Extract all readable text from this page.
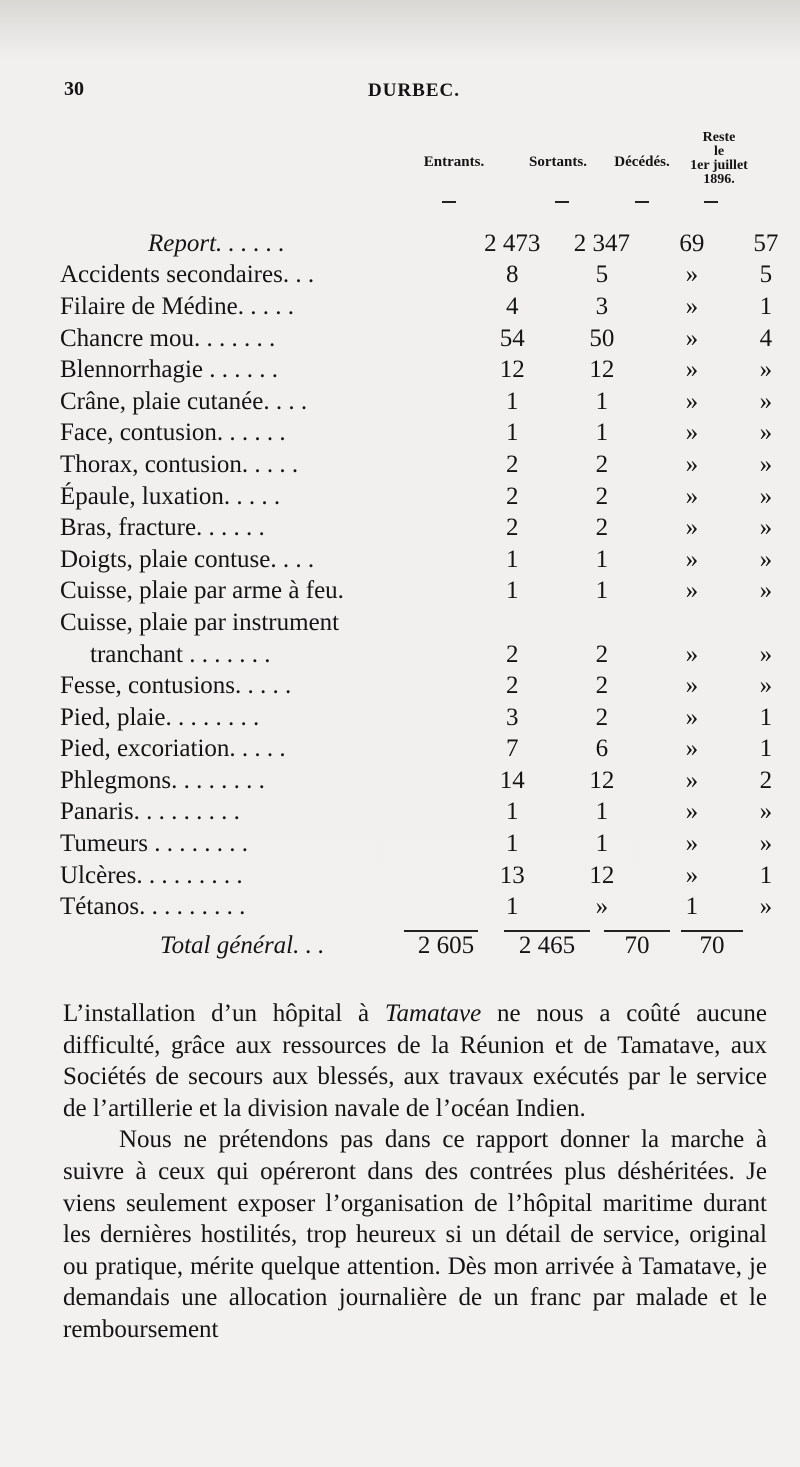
30	DURBEC.
Entrants.	Sortants.	Décédés.
Reste
le
1er juillet
1896.
Report. . . . . .	2 473	2 347	69	57
Accidents secondaires. . .	8	5	»	5
Filaire de Médine. . . . .	4	3	»	1
Chancre mou. . . . . . .	54	50	»	4
Blennorrhagie . . . . . .	12	12	»	»
Crâne, plaie cutanée. . . .	1	1	»	»
Face, contusion. . . . . .	1	1	»	»
Thorax, contusion. . . . .	2	2	»	»
Épaule, luxation. . . . .	2	2	»	»
Bras, fracture. . . . . .	2	2	»	»
Doigts, plaie contuse. . . .	1	1	»	»
Cuisse, plaie par arme à feu.	1	1	»	»
Cuisse, plaie par instrument				
tranchant . . . . . . .	2	2	»	»
Fesse, contusions. . . . .	2	2	»	»
Pied, plaie. . . . . . . .	3	2	»	1
Pied, excoriation. . . . .	7	6	»	1
Phlegmons. . . . . . . .	14	12	»	2
Panaris. . . . . . . . .	1	1	»	»
Tumeurs . . . . . . . .	1	1	»	»
Ulcères. . . . . . . . .	13	12	»	1
Tétanos. . . . . . . . .	1	»	1	»
Total général. . .	2 605	2 465	70	70

L’installation d’un hôpital à Tamatave ne nous a coûté aucune difficulté, grâce aux ressources de la Réunion et de Tamatave, aux Sociétés de secours aux blessés, aux travaux exécutés par le service de l’artillerie et la division navale de l’océan Indien.

Nous ne prétendons pas dans ce rapport donner la marche à suivre à ceux qui opéreront dans des contrées plus déshéritées. Je viens seulement exposer l’organisation de l’hôpital maritime durant les dernières hostilités, trop heureux si un détail de service, original ou pratique, mérite quelque attention. Dès mon arrivée à Tamatave, je demandais une allocation journalière de un franc par malade et le remboursement
